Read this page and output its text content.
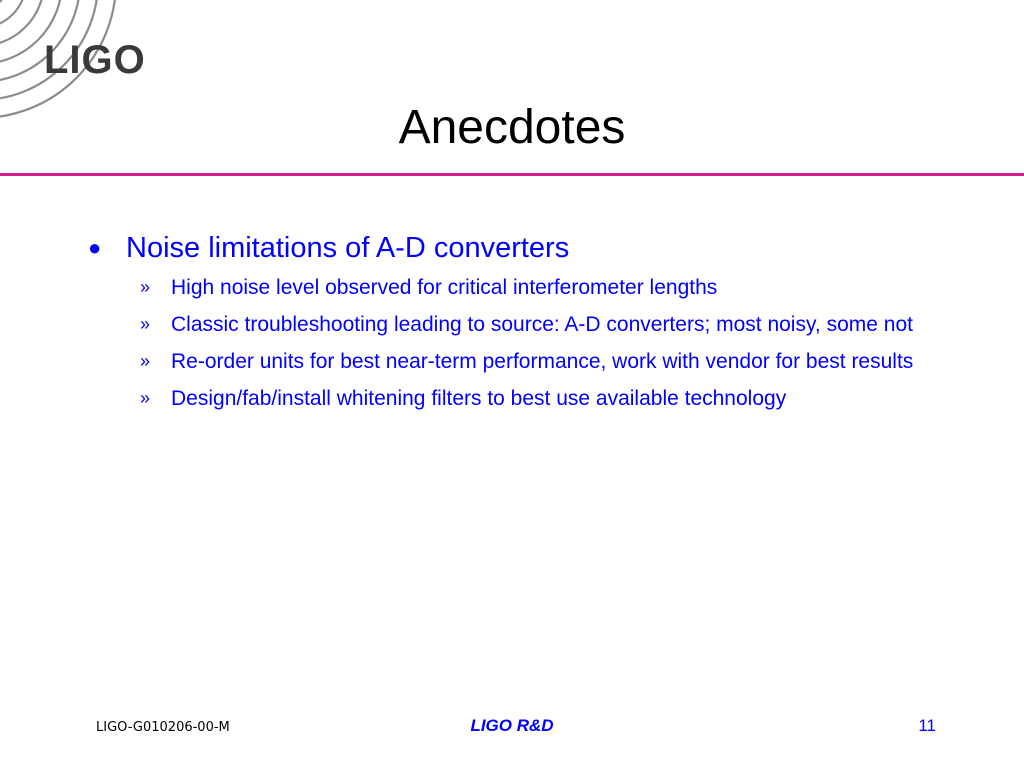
LIGO
Anecdotes
● Noise limitations of A-D converters
» High noise level observed for critical interferometer lengths
» Classic troubleshooting leading to source: A-D converters; most noisy, some not
» Re-order units for best near-term performance, work with vendor for best results
» Design/fab/install whitening filters to best use available technology
LIGO-G010206-00-M	LIGO R&D	11
